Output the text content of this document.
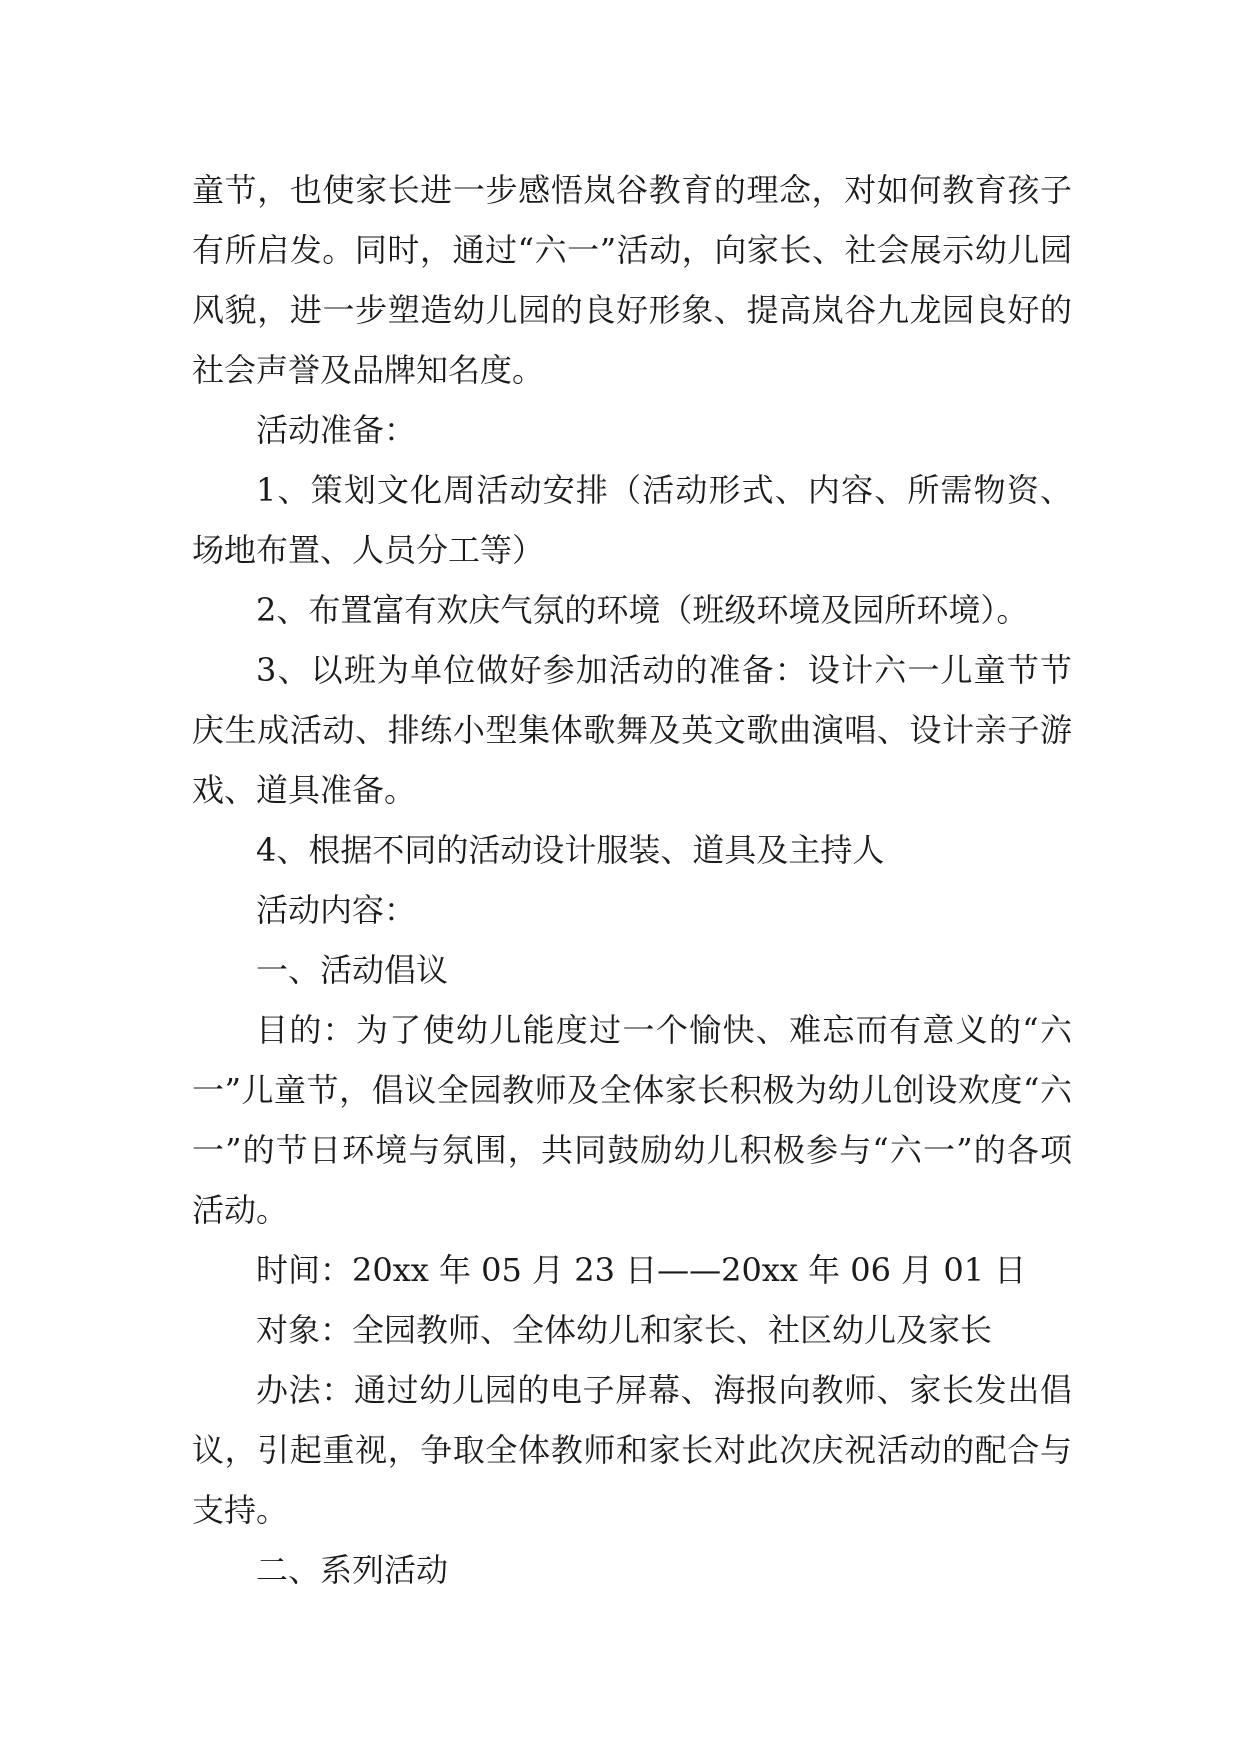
童节，也使家长进一步感悟岚谷教育的理念，对如何教育孩子有所启发。同时，通过“六一”活动，向家长、社会展示幼儿园风貌，进一步塑造幼儿园的良好形象、提高岚谷九龙园良好的社会声誉及品牌知名度。

活动准备：

1、策划文化周活动安排（活动形式、内容、所需物资、场地布置、人员分工等）

2、布置富有欢庆气氛的环境（班级环境及园所环境）。

3、以班为单位做好参加活动的准备：设计六一儿童节节庆生成活动、排练小型集体歌舞及英文歌曲演唱、设计亲子游戏、道具准备。

4、根据不同的活动设计服装、道具及主持人

活动内容：

一、活动倡议

目的：为了使幼儿能度过一个愉快、难忘而有意义的“六一”儿童节，倡议全园教师及全体家长积极为幼儿创设欢度“六一”的节日环境与氛围，共同鼓励幼儿积极参与“六一”的各项活动。

时间：20xx 年 05 月 23 日——20xx 年 06 月 01 日

对象：全园教师、全体幼儿和家长、社区幼儿及家长

办法：通过幼儿园的电子屏幕、海报向教师、家长发出倡议，引起重视，争取全体教师和家长对此次庆祝活动的配合与支持。

二、系列活动
